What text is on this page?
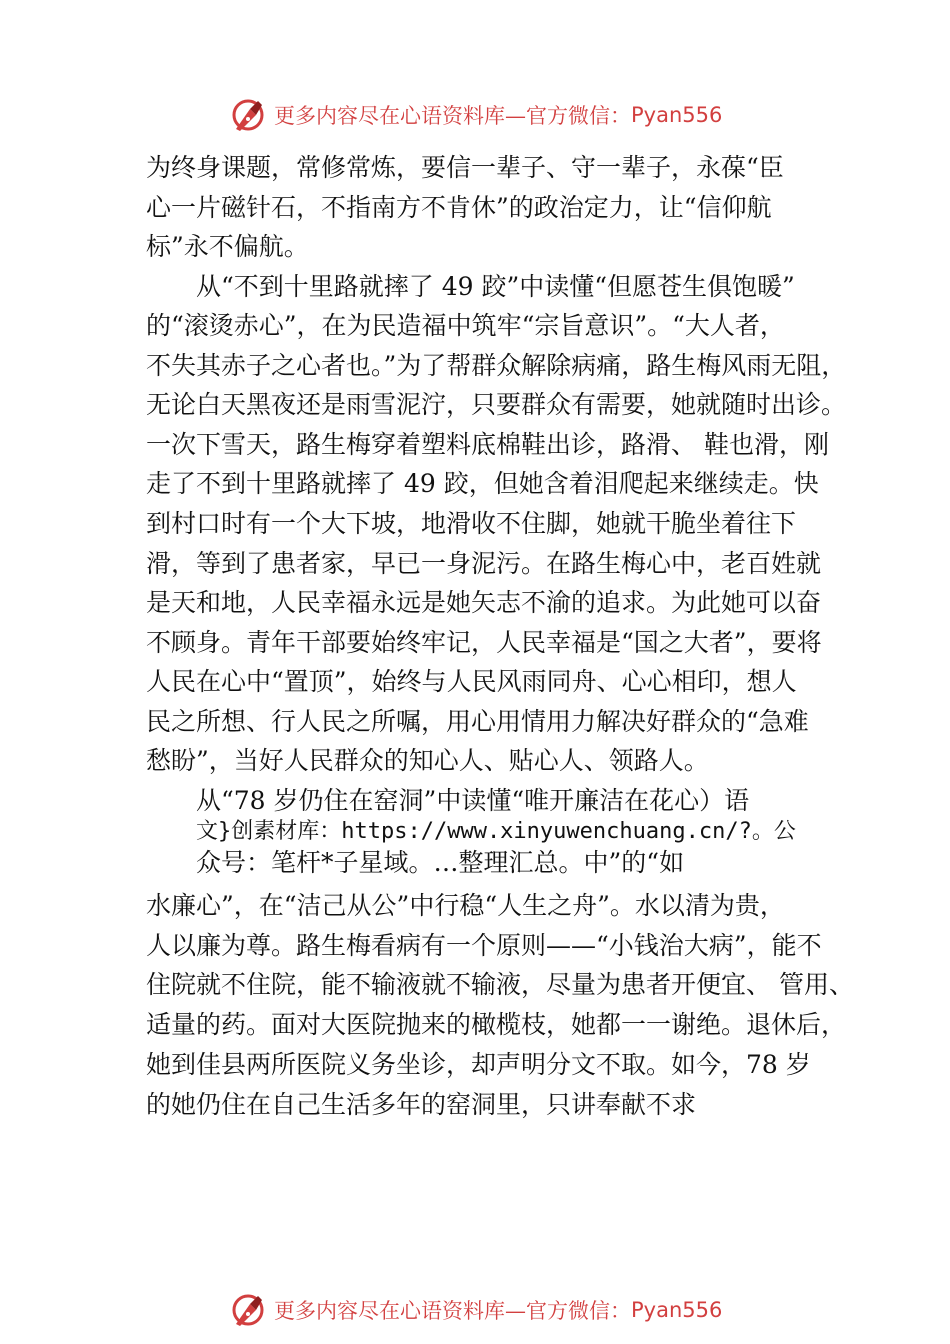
更多内容尽在心语资料库—官方微信： Pyan556
为终身课题，常修常炼，要信一辈子、守一辈子，永葆“臣
心一片磁针石，不指南方不肯休”的政治定力，让“信仰航
标”永不偏航。
从“不到十里路就摔了 49 跤”中读懂“但愿苍生俱饱暖”
的“滚烫赤心”，在为民造福中筑牢“宗旨意识”。“大人者，
不失其赤子之心者也。”为了帮群众解除病痛，路生梅风雨无阻，
无论白天黑夜还是雨雪泥泞，只要群众有需要，她就随时出诊。
一次下雪天，路生梅穿着塑料底棉鞋出诊，路滑、 鞋也滑，刚
走了不到十里路就摔了 49 跤，但她含着泪爬起来继续走。快
到村口时有一个大下坡，地滑收不住脚，她就干脆坐着往下
滑，等到了患者家，早已一身泥污。在路生梅心中，老百姓就
是天和地，人民幸福永远是她矢志不渝的追求。为此她可以奋
不顾身。青年干部要始终牢记，人民幸福是“国之大者”，要将
人民在心中“置顶”，始终与人民风雨同舟、心心相印，想人
民之所想、行人民之所嘱，用心用情用力解决好群众的“急难
愁盼”，当好人民群众的知心人、贴心人、领路人。
从“78 岁仍住在窑洞”中读懂“唯开廉洁在花心）语
文}创素材库：https://www.xinyuwenchuang.cn/?。公
众号：笔杆*子星域。…整理汇总。中”的“如
水廉心”，在“洁己从公”中行稳“人生之舟”。水以清为贵，
人以廉为尊。路生梅看病有一个原则——“小钱治大病”，能不
住院就不住院，能不输液就不输液，尽量为患者开便宜、 管用、
适量的药。面对大医院抛来的橄榄枝，她都一一谢绝。退休后，
她到佳县两所医院义务坐诊，却声明分文不取。如今，78 岁
的她仍住在自己生活多年的窑洞里，只讲奉献不求
更多内容尽在心语资料库—官方微信： Pyan556
